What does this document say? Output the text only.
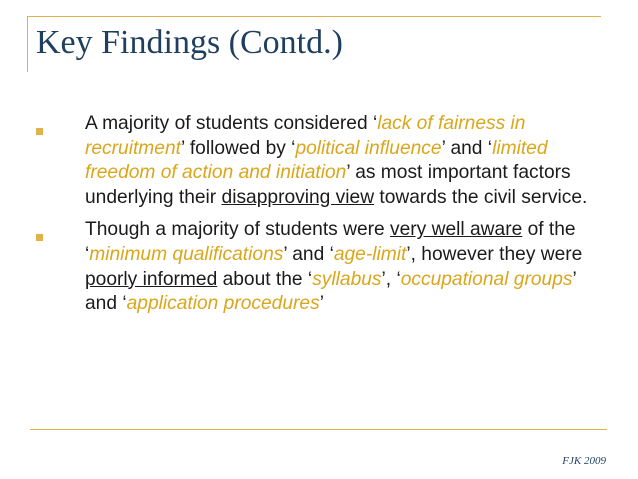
Key Findings (Contd.)
A majority of students considered ‘lack of fairness in recruitment’ followed by ‘political influence’ and ‘limited freedom of action and initiation’ as most important factors underlying their disapproving view towards the civil service.
Though a majority of students were very well aware of the ‘minimum qualifications’ and ‘age-limit’, however they were poorly informed about the ‘syllabus’, ‘occupational groups’ and ‘application procedures’
FJK 2009
